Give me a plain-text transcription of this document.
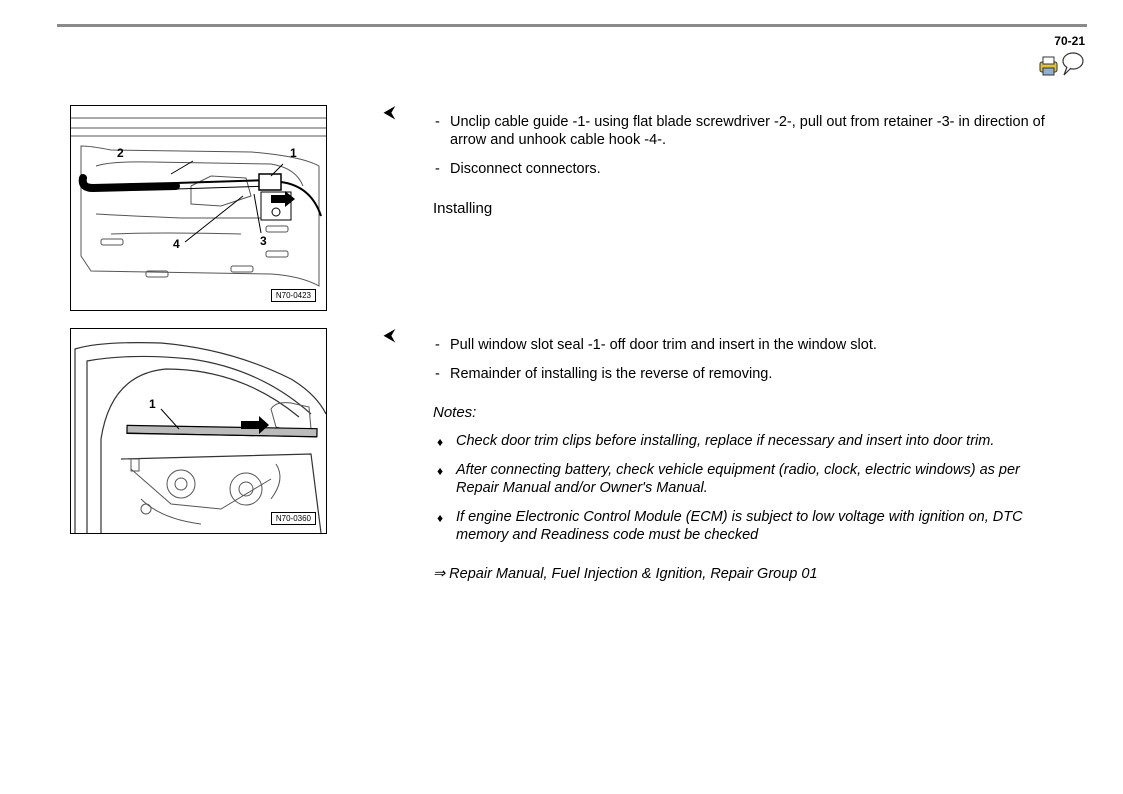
70-21
2	1
3
4
N70-0423
1
N70-0360
⮜
- Unclip cable guide -1- using flat blade screwdriver -2-, pull out from retainer -3- in direction of arrow and unhook cable hook -4-.
- Disconnect connectors.
Installing
⮜
- Pull window slot seal -1- off door trim and insert in the window slot.
- Remainder of installing is the reverse of removing.
Notes:
♦ Check door trim clips before installing, replace if necessary and insert into door trim.
♦ After connecting battery, check vehicle equipment (radio, clock, electric windows) as per Repair Manual and/or Owner's Manual.
♦ If engine Electronic Control Module (ECM) is subject to low voltage with ignition on, DTC memory and Readiness code must be checked
⇒ Repair Manual, Fuel Injection & Ignition, Repair Group 01
